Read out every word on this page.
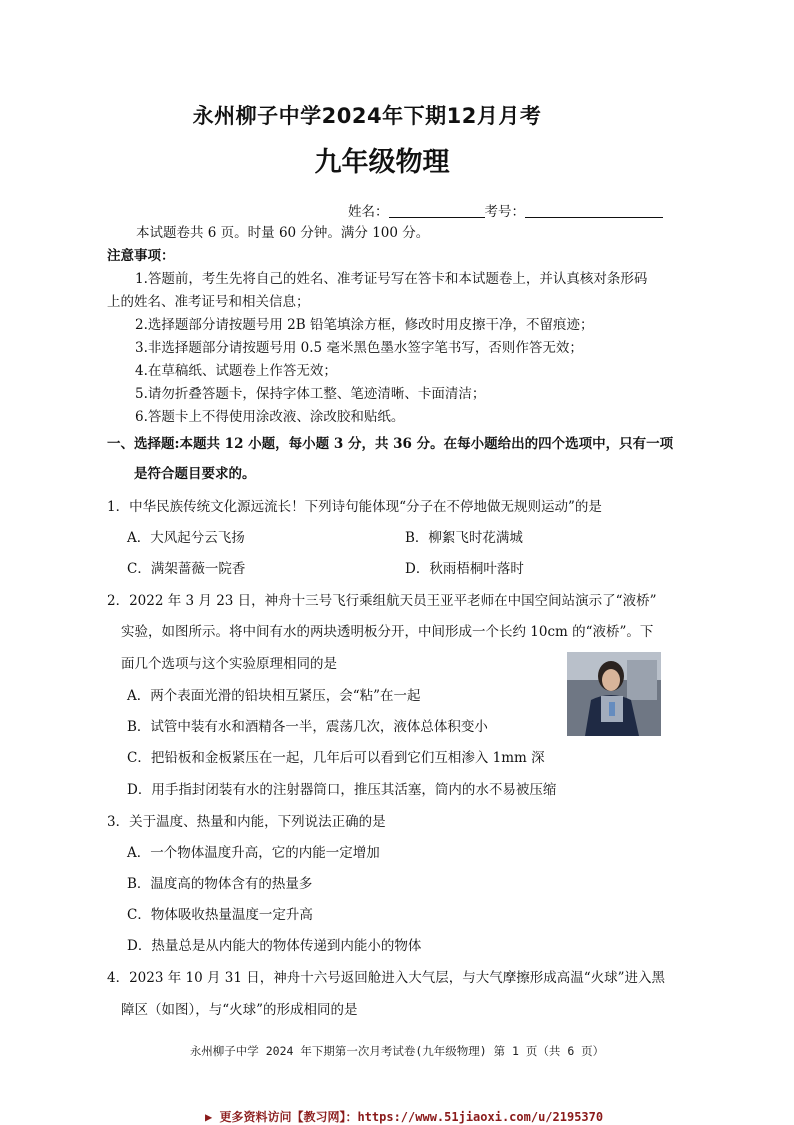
永州柳子中学2024年下期12月月考
九年级物理
姓名：	考号：
本试题卷共 6 页。时量 60 分钟。满分 100 分。
注意事项：
1.答题前，考生先将自己的姓名、准考证号写在答卡和本试题卷上，并认真核对条形码
上的姓名、准考证号和相关信息；
2.选择题部分请按题号用 2B 铅笔填涂方框，修改时用皮擦干净，不留痕迹；
3.非选择题部分请按题号用 0.5 毫米黑色墨水签字笔书写，否则作答无效；
4.在草稿纸、试题卷上作答无效；
5.请勿折叠答题卡，保持字体工整、笔迹清晰、卡面清洁；
6.答题卡上不得使用涂改液、涂改胶和贴纸。
一、选择题:本题共 12 小题，每小题 3 分，共 36 分。在每小题给出的四个选项中，只有一项
是符合题目要求的。
1．中华民族传统文化源远流长！下列诗句能体现“分子在不停地做无规则运动”的是
A．大风起兮云飞扬	B．柳絮飞时花满城
C．满架蔷薇一院香	D．秋雨梧桐叶落时
2．2022 年 3 月 23 日，神舟十三号飞行乘组航天员王亚平老师在中国空间站演示了“液桥”
实验，如图所示。将中间有水的两块透明板分开，中间形成一个长约 10cm 的“液桥”。下
面几个选项与这个实验原理相同的是
A．两个表面光滑的铅块相互紧压，会“粘”在一起
B．试管中装有水和酒精各一半，震荡几次，液体总体积变小
C．把铅板和金板紧压在一起，几年后可以看到它们互相渗入 1mm 深
D．用手指封闭装有水的注射器筒口，推压其活塞，筒内的水不易被压缩
3．关于温度、热量和内能，下列说法正确的是
A．一个物体温度升高，它的内能一定增加
B．温度高的物体含有的热量多
C．物体吸收热量温度一定升高
D．热量总是从内能大的物体传递到内能小的物体
4．2023 年 10 月 31 日，神舟十六号返回舱进入大气层，与大气摩擦形成高温“火球”进入黑
障区（如图），与“火球”的形成相同的是
永州柳子中学 2024 年下期第一次月考试卷(九年级物理) 第 1 页（共 6 页）
▶ 更多资料访问【教习网】：https://www.51jiaoxi.com/u/2195370
